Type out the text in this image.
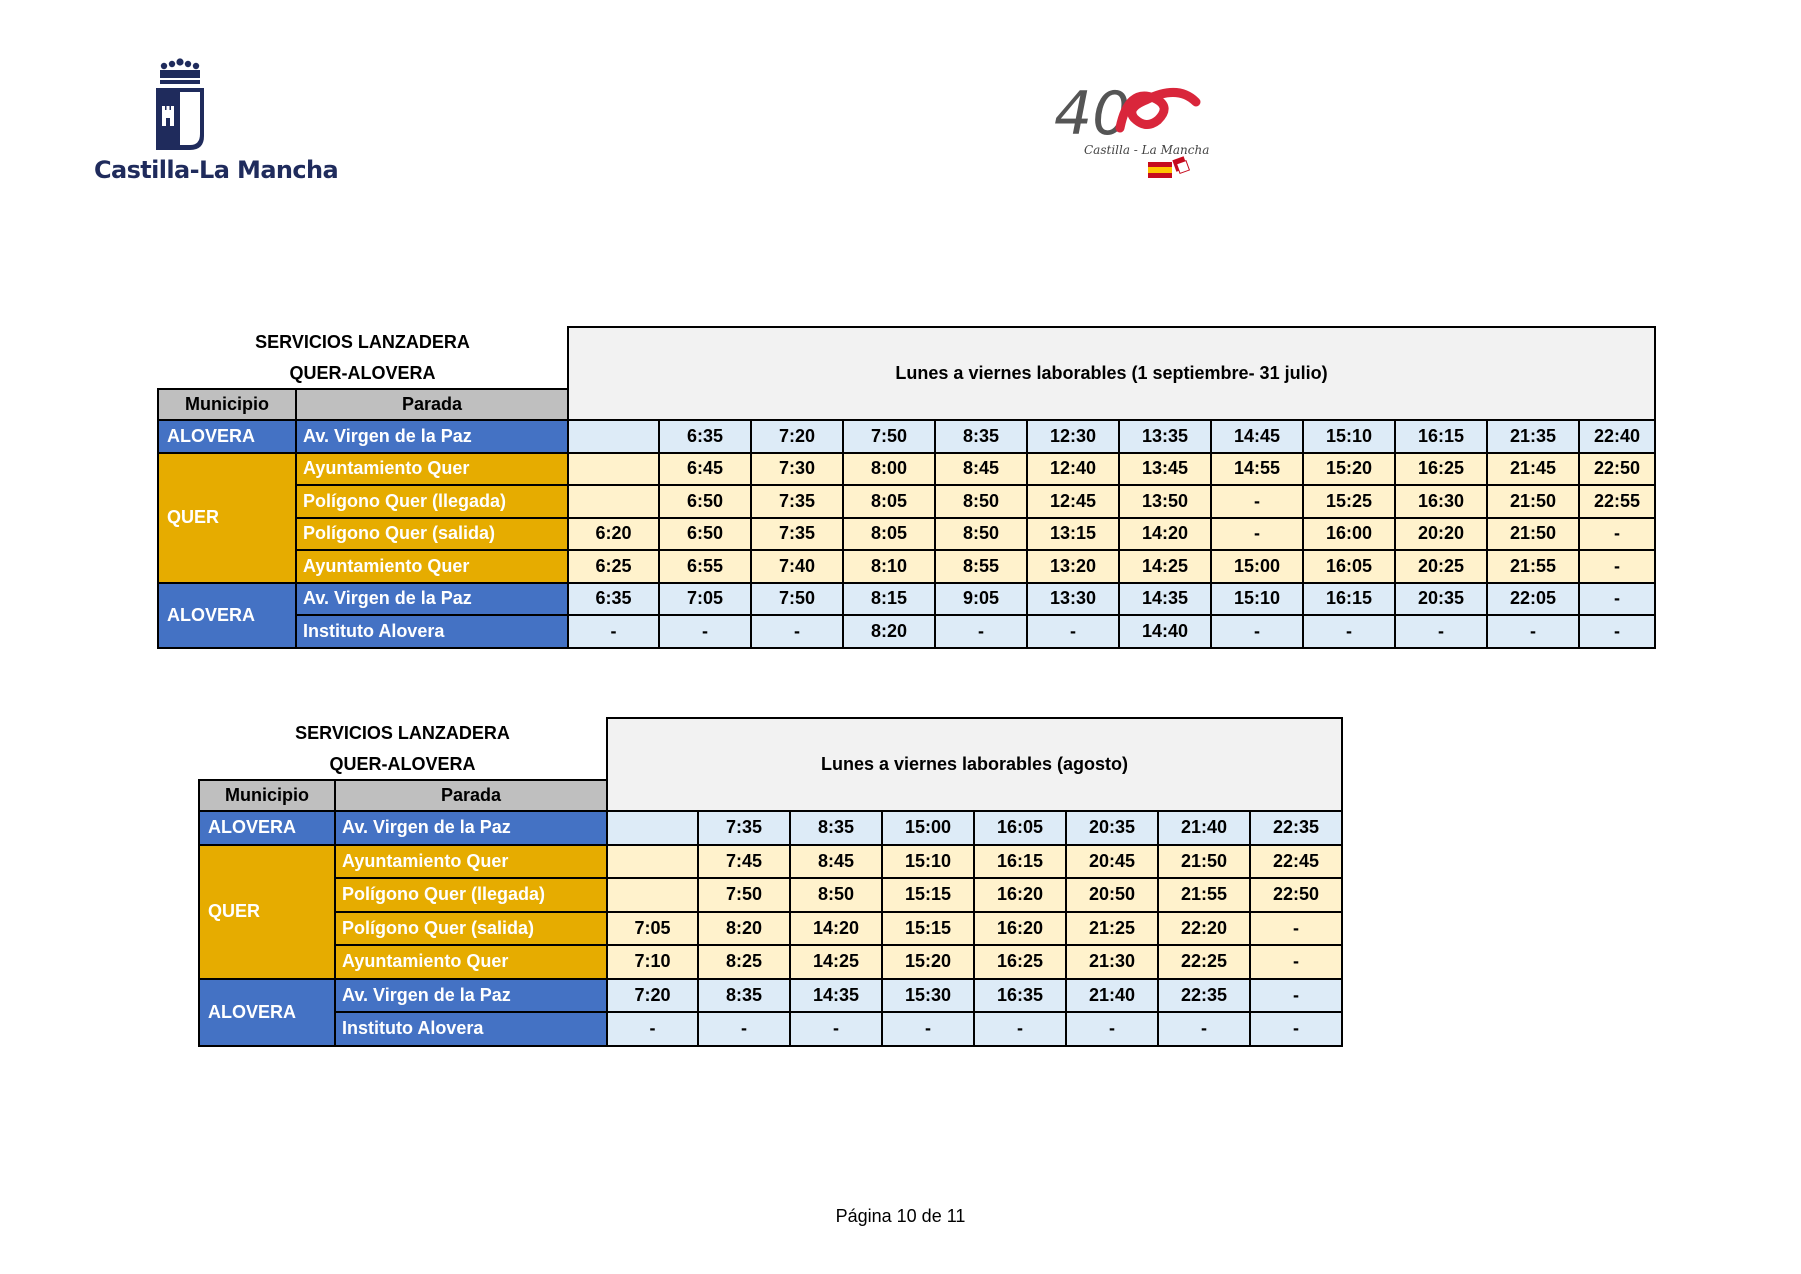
Castilla-La Mancha
40
Castilla - La Mancha
SERVICIOS LANZADERA		Lunes a viernes laborables (1 septiembre- 31 julio)											
QUER-ALOVERA													
Municipio	Parada												
ALOVERA	Av. Virgen de la Paz		6:35	7:20	7:50	8:35	12:30	13:35	14:45	15:10	16:15	21:35	22:40
QUER	Ayuntamiento Quer		6:45	7:30	8:00	8:45	12:40	13:45	14:55	15:20	16:25	21:45	22:50
	Polígono Quer (llegada)		6:50	7:35	8:05	8:50	12:45	13:50	-	15:25	16:30	21:50	22:55
	Polígono Quer (salida)	6:20	6:50	7:35	8:05	8:50	13:15	14:20	-	16:00	20:20	21:50	-
	Ayuntamiento Quer	6:25	6:55	7:40	8:10	8:55	13:20	14:25	15:00	16:05	20:25	21:55	-
ALOVERA	Av. Virgen de la Paz	6:35	7:05	7:50	8:15	9:05	13:30	14:35	15:10	16:15	20:35	22:05	-
	Instituto Alovera	-	-	-	8:20	-	-	14:40	-	-	-	-	-
SERVICIOS LANZADERA		Lunes a viernes laborables (agosto)							
QUER-ALOVERA									
Municipio	Parada								
ALOVERA	Av. Virgen de la Paz		7:35	8:35	15:00	16:05	20:35	21:40	22:35
QUER	Ayuntamiento Quer		7:45	8:45	15:10	16:15	20:45	21:50	22:45
	Polígono Quer (llegada)		7:50	8:50	15:15	16:20	20:50	21:55	22:50
	Polígono Quer (salida)	7:05	8:20	14:20	15:15	16:20	21:25	22:20	-
	Ayuntamiento Quer	7:10	8:25	14:25	15:20	16:25	21:30	22:25	-
ALOVERA	Av. Virgen de la Paz	7:20	8:35	14:35	15:30	16:35	21:40	22:35	-
	Instituto Alovera	-	-	-	-	-	-	-	-
Página 10 de 11
